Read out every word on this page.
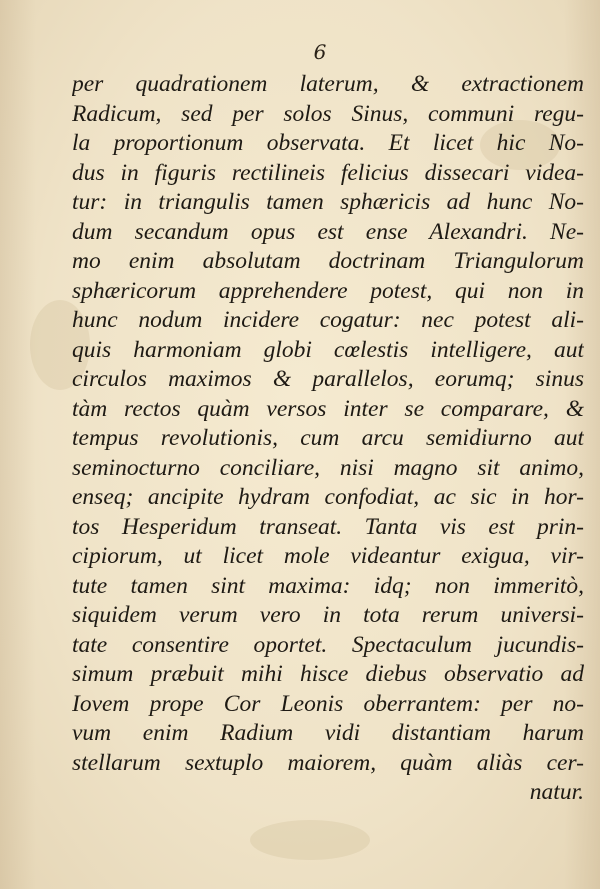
6
per quadrationem laterum, & extractionem
Radicum, sed per solos Sinus, communi regu-
la proportionum observata. Et licet hic Nο-
dus in figuris rectilineis felicius dissecari videa-
tur: in triangulis tamen sphæricis ad hunc No-
dum secandum opus est ense Alexandri. Ne-
mo enim absolutam doctrinam Triangulorum
sphæricorum apprehendere potest, qui non in
hunc nodum incidere cogatur: nec potest ali-
quis harmoniam globi cœlestis intelligere, aut
circulos maximos & parallelos, eorumq; sinus
tàm rectos quàm versos inter se comparare, &
tempus revolutionis, cum arcu semidiurno aut
seminocturno conciliare, nisi magno sit animo,
enseq; ancipite hydram confodiat, ac sic in hor-
tos Hesperidum transeat. Tanta vis est prin-
cipiorum, ut licet mole videantur exigua, vir-
tute tamen sint maxima: idq; non immeritò,
siquidem verum vero in tota rerum universi-
tate consentire oportet. Spectaculum jucundis-
simum præbuit mihi hisce diebus observatio ad
Iovem prope Cor Leonis oberrantem: per no-
vum enim Radium vidi distantiam harum
stellarum sextuplo maiorem, quàm aliàs cer-
natur.
